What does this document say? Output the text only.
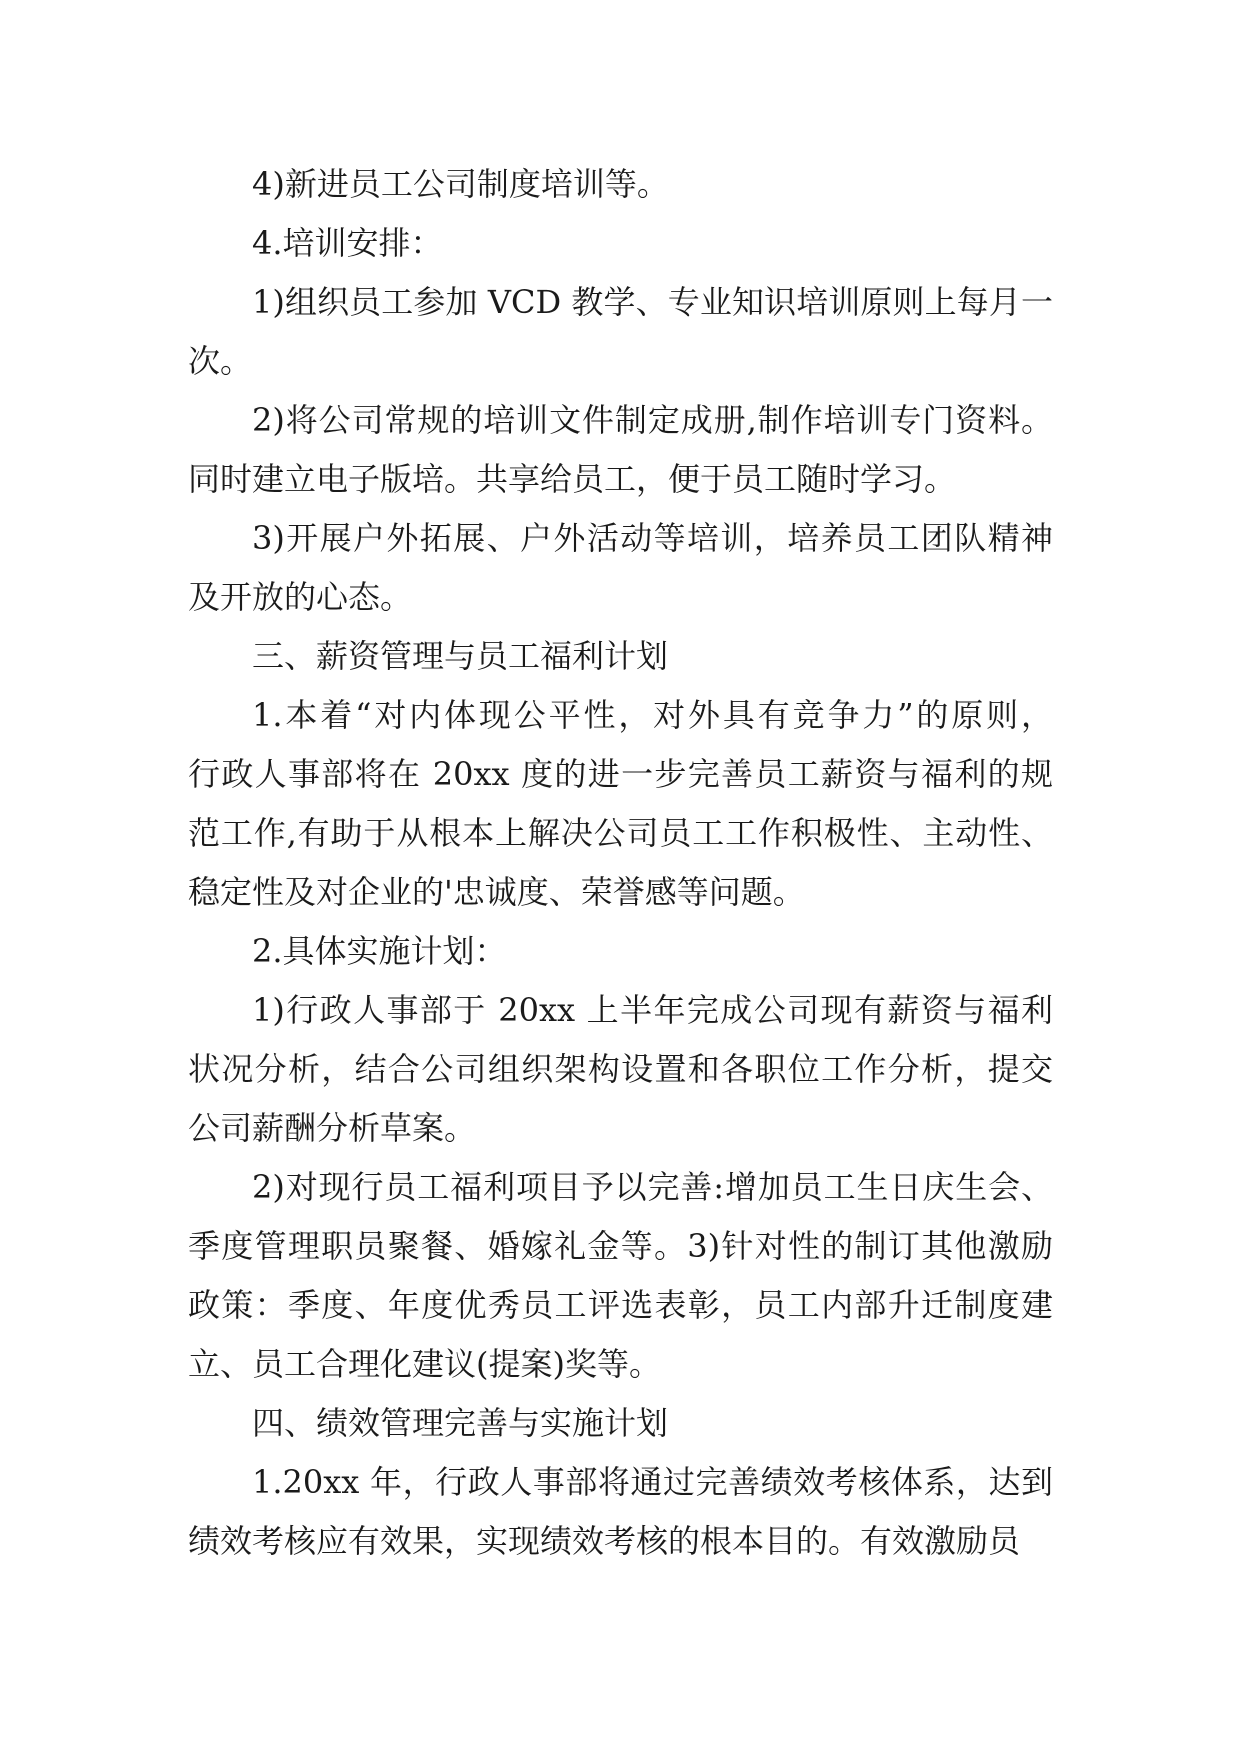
4)新进员工公司制度培训等。
4.培训安排：
1)组织员工参加 VCD 教学、专业知识培训原则上每月一
次。
2)将公司常规的培训文件制定成册,制作培训专门资料。
同时建立电子版培。共享给员工，便于员工随时学习。
3)开展户外拓展、户外活动等培训，培养员工团队精神
及开放的心态。
三、薪资管理与员工福利计划
1.本着“对内体现公平性，对外具有竞争力”的原则，
行政人事部将在 20xx 度的进一步完善员工薪资与福利的规
范工作,有助于从根本上解决公司员工工作积极性、主动性、
稳定性及对企业的'忠诚度、荣誉感等问题。
2.具体实施计划：
1)行政人事部于 20xx 上半年完成公司现有薪资与福利
状况分析，结合公司组织架构设置和各职位工作分析，提交
公司薪酬分析草案。
2)对现行员工福利项目予以完善:增加员工生日庆生会、
季度管理职员聚餐、婚嫁礼金等。3)针对性的制订其他激励
政策：季度、年度优秀员工评选表彰，员工内部升迁制度建
立、员工合理化建议(提案)奖等。
四、绩效管理完善与实施计划
1.20xx 年，行政人事部将通过完善绩效考核体系，达到
绩效考核应有效果，实现绩效考核的根本目的。有效激励员
